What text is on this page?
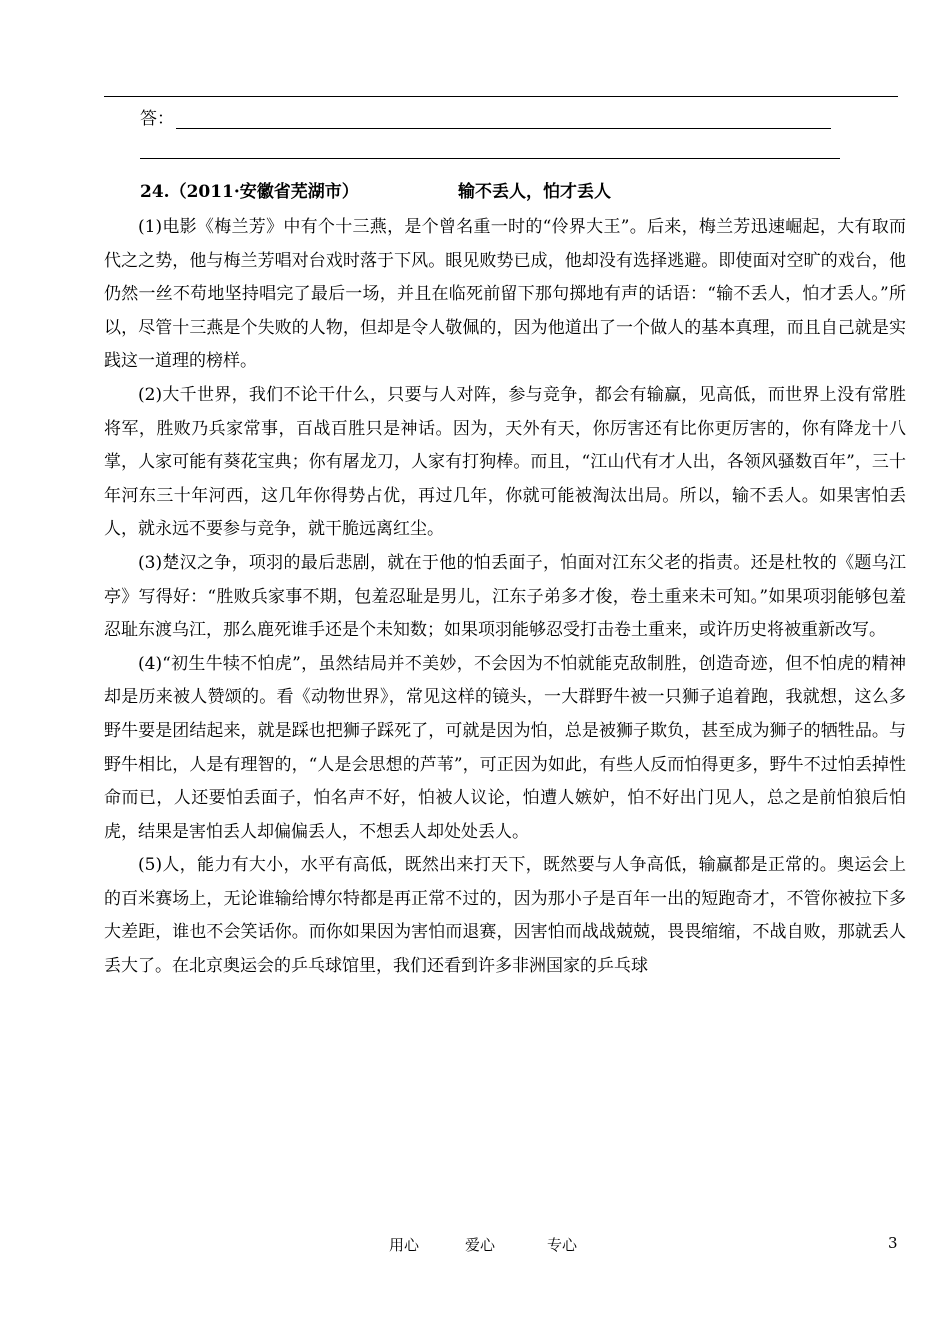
答：
24.（2011·安徽省芜湖市）	输不丢人，怕才丢人

(1)电影《梅兰芳》中有个十三燕，是个曾名重一时的“伶界大王”。后来，梅兰芳迅速崛起，大有取而代之之势，他与梅兰芳唱对台戏时落于下风。眼见败势已成，他却没有选择逃避。即使面对空旷的戏台，他仍然一丝不苟地坚持唱完了最后一场，并且在临死前留下那句掷地有声的话语：“输不丢人，怕才丢人。”所以，尽管十三燕是个失败的人物，但却是令人敬佩的，因为他道出了一个做人的基本真理，而且自己就是实践这一道理的榜样。

(2)大千世界，我们不论干什么，只要与人对阵，参与竞争，都会有输赢，见高低，而世界上没有常胜将军，胜败乃兵家常事，百战百胜只是神话。因为，天外有天，你厉害还有比你更厉害的，你有降龙十八掌，人家可能有葵花宝典；你有屠龙刀，人家有打狗棒。而且，“江山代有才人出，各领风骚数百年”，三十年河东三十年河西，这几年你得势占优，再过几年，你就可能被淘汰出局。所以，输不丢人。如果害怕丢人，就永远不要参与竞争，就干脆远离红尘。

(3)楚汉之争，项羽的最后悲剧，就在于他的怕丢面子，怕面对江东父老的指责。还是杜牧的《题乌江亭》写得好：“胜败兵家事不期，包羞忍耻是男儿，江东子弟多才俊，卷土重来未可知。”如果项羽能够包羞忍耻东渡乌江，那么鹿死谁手还是个未知数；如果项羽能够忍受打击卷土重来，或许历史将被重新改写。

(4)“初生牛犊不怕虎”，虽然结局并不美妙，不会因为不怕就能克敌制胜，创造奇迹，但不怕虎的精神却是历来被人赞颂的。看《动物世界》，常见这样的镜头，一大群野牛被一只狮子追着跑，我就想，这么多野牛要是团结起来，就是踩也把狮子踩死了，可就是因为怕，总是被狮子欺负，甚至成为狮子的牺牲品。与野牛相比，人是有理智的，“人是会思想的芦苇”，可正因为如此，有些人反而怕得更多，野牛不过怕丢掉性命而已，人还要怕丢面子，怕名声不好，怕被人议论，怕遭人嫉妒，怕不好出门见人，总之是前怕狼后怕虎，结果是害怕丢人却偏偏丢人，不想丢人却处处丢人。

(5)人，能力有大小，水平有高低，既然出来打天下，既然要与人争高低，输赢都是正常的。奥运会上的百米赛场上，无论谁输给博尔特都是再正常不过的，因为那小子是百年一出的短跑奇才，不管你被拉下多大差距，谁也不会笑话你。而你如果因为害怕而退赛，因害怕而战战兢兢，畏畏缩缩，不战自败，那就丢人丢大了。在北京奥运会的乒乓球馆里，我们还看到许多非洲国家的乒乓球

用心	爱心	专心	3
